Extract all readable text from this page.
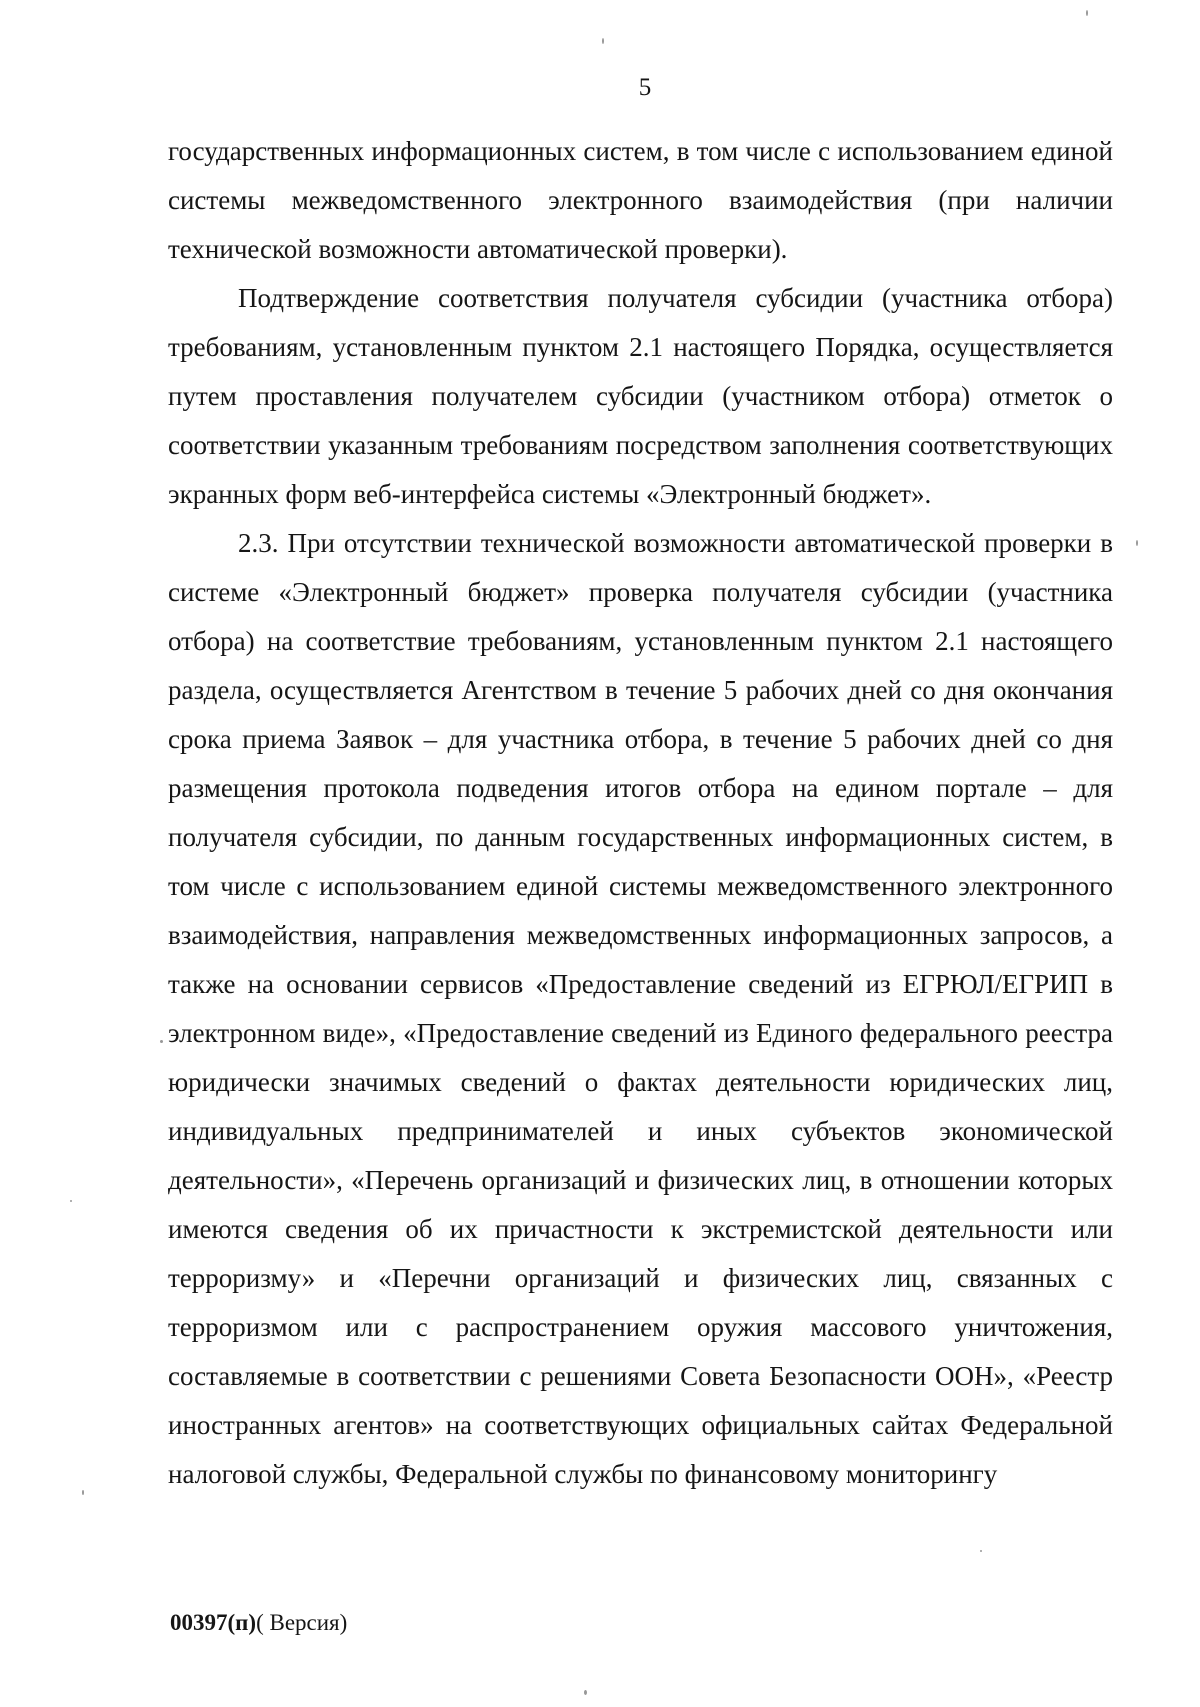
5

государственных информационных систем, в том числе с использованием единой системы межведомственного электронного взаимодействия (при наличии технической возможности автоматической проверки).

Подтверждение соответствия получателя субсидии (участника отбора) требованиям, установленным пунктом 2.1 настоящего Порядка, осуществляется путем проставления получателем субсидии (участником отбора) отметок о соответствии указанным требованиям посредством заполнения соответствующих экранных форм веб-интерфейса системы «Электронный бюджет».

2.3. При отсутствии технической возможности автоматической проверки в системе «Электронный бюджет» проверка получателя субсидии (участника отбора) на соответствие требованиям, установленным пунктом 2.1 настоящего раздела, осуществляется Агентством в течение 5 рабочих дней со дня окончания срока приема Заявок – для участника отбора, в течение 5 рабочих дней со дня размещения протокола подведения итогов отбора на едином портале – для получателя субсидии, по данным государственных информационных систем, в том числе с использованием единой системы межведомственного электронного взаимодействия, направления межведомственных информационных запросов, а также на основании сервисов «Предоставление сведений из ЕГРЮЛ/ЕГРИП в электронном виде», «Предоставление сведений из Единого федерального реестра юридически значимых сведений о фактах деятельности юридических лиц, индивидуальных предпринимателей и иных субъектов экономической деятельности», «Перечень организаций и физических лиц, в отношении которых имеются сведения об их причастности к экстремистской деятельности или терроризму» и «Перечни организаций и физических лиц, связанных с терроризмом или с распространением оружия массового уничтожения, составляемые в соответствии с решениями Совета Безопасности ООН», «Реестр иностранных агентов» на соответствующих официальных сайтах Федеральной налоговой службы, Федеральной службы по финансовому мониторингу

00397(п)( Версия)
